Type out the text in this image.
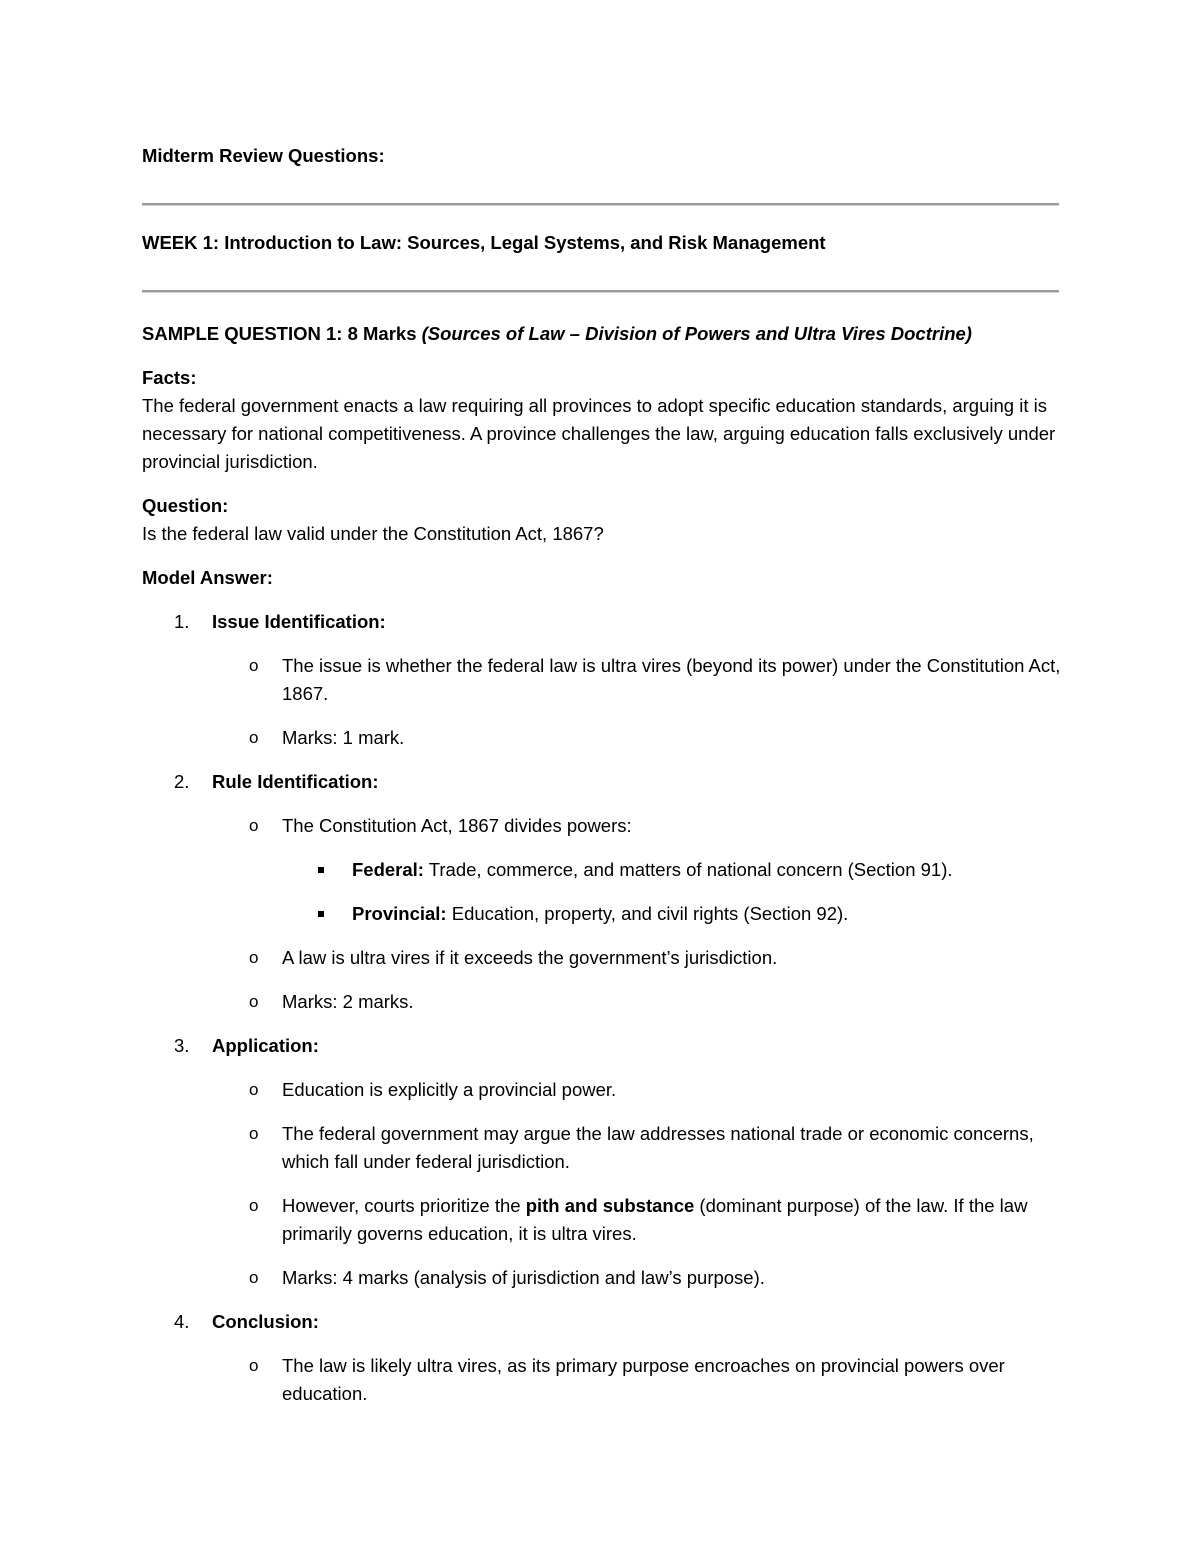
Midterm Review Questions:
WEEK 1: Introduction to Law: Sources, Legal Systems, and Risk Management

SAMPLE QUESTION 1: 8 Marks (Sources of Law – Division of Powers and Ultra Vires Doctrine)

Facts:

The federal government enacts a law requiring all provinces to adopt specific education standards, arguing it is necessary for national competitiveness. A province challenges the law, arguing education falls exclusively under provincial jurisdiction.

Question:

Is the federal law valid under the Constitution Act, 1867?

Model Answer:

1. Issue Identification:

o The issue is whether the federal law is ultra vires (beyond its power) under the Constitution Act, 1867.
o Marks: 1 mark.
2. Rule Identification:

o The Constitution Act, 1867 divides powers:
Federal: Trade, commerce, and matters of national concern (Section 91).
Provincial: Education, property, and civil rights (Section 92).
o A law is ultra vires if it exceeds the government’s jurisdiction.
o Marks: 2 marks.
3. Application:

o Education is explicitly a provincial power.
o The federal government may argue the law addresses national trade or economic concerns, which fall under federal jurisdiction.
o However, courts prioritize the pith and substance (dominant purpose) of the law. If the law primarily governs education, it is ultra vires.
o Marks: 4 marks (analysis of jurisdiction and law’s purpose).
4. Conclusion:

o The law is likely ultra vires, as its primary purpose encroaches on provincial powers over education.
